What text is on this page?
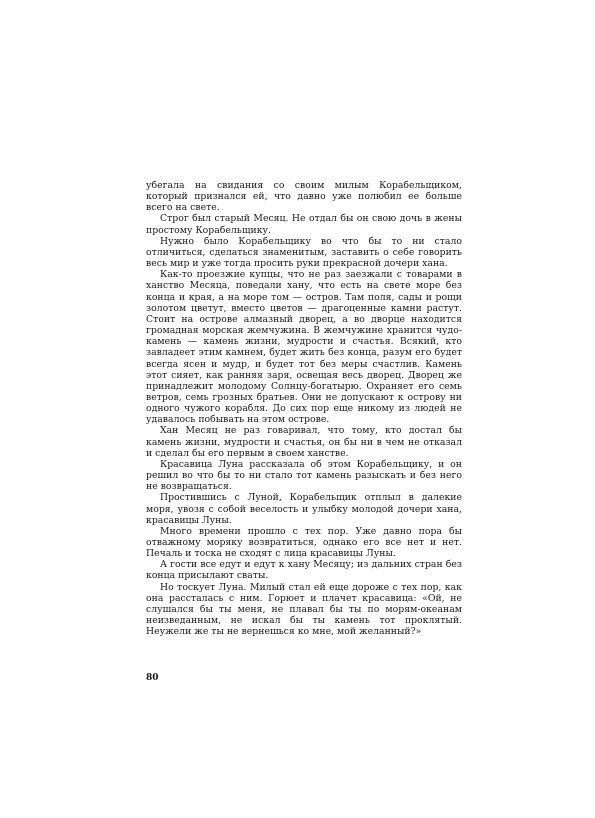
убегала на свидания со своим милым Корабельщиком, который признался ей, что давно уже полюбил ее больше всего на свете.

Строг был старый Месяц. Не отдал бы он свою дочь в жены простому Корабельщику.

Нужно было Корабельщику во что бы то ни стало отличиться, сделаться знаменитым, заставить о себе говорить весь мир и уже тогда просить руки прекрасной дочери хана.

Как-то проезжие купцы, что не раз заезжали с товарами в ханство Месяца, поведали хану, что есть на свете море без конца и края, а на море том — остров. Там поля, сады и рощи золотом цветут, вместо цветов — драгоценные камни растут. Стоит на острове алмазный дворец, а во дворце находится громадная морская жемчужина. В жемчужине хранится чудо-камень — камень жизни, мудрости и счастья. Всякий, кто завладеет этим камнем, будет жить без конца, разум его будет всегда ясен и мудр, и будет тот без меры счастлив. Камень этот сияет, как ранняя заря, освещая весь дворец. Дворец же принадлежит молодому Солнцу-богатырю. Охраняет его семь ветров, семь грозных братьев. Они не допускают к острову ни одного чужого корабля. До сих пор еще никому из людей не удавалось побывать на этом острове.

Хан Месяц не раз говаривал, что тому, кто достал бы камень жизни, мудрости и счастья, он бы ни в чем не отказал и сделал бы его первым в своем ханстве.

Красавица Луна рассказала об этом Корабельщику, и он решил во что бы то ни стало тот камень разыскать и без него не возвращаться.

Простившись с Луной, Корабельщик отплыл в далекие моря, увозя с собой веселость и улыбку молодой дочери хана, красавицы Луны.

Много времени прошло с тех пор. Уже давно пора бы отважному моряку возвратиться, однако его все нет и нет. Печаль и тоска не сходят с лица красавицы Луны.

А гости все едут и едут к хану Месяцу; из дальних стран без конца присылают сваты.

Но тоскует Луна. Милый стал ей еще дороже с тех пор, как она рассталась с ним. Горюет и плачет красавица: «Ой, не слушался бы ты меня, не плавал бы ты по морям-океанам неизведанным, не искал бы ты камень тот проклятый. Неужели же ты не вернешься ко мне, мой желанный?»

80
